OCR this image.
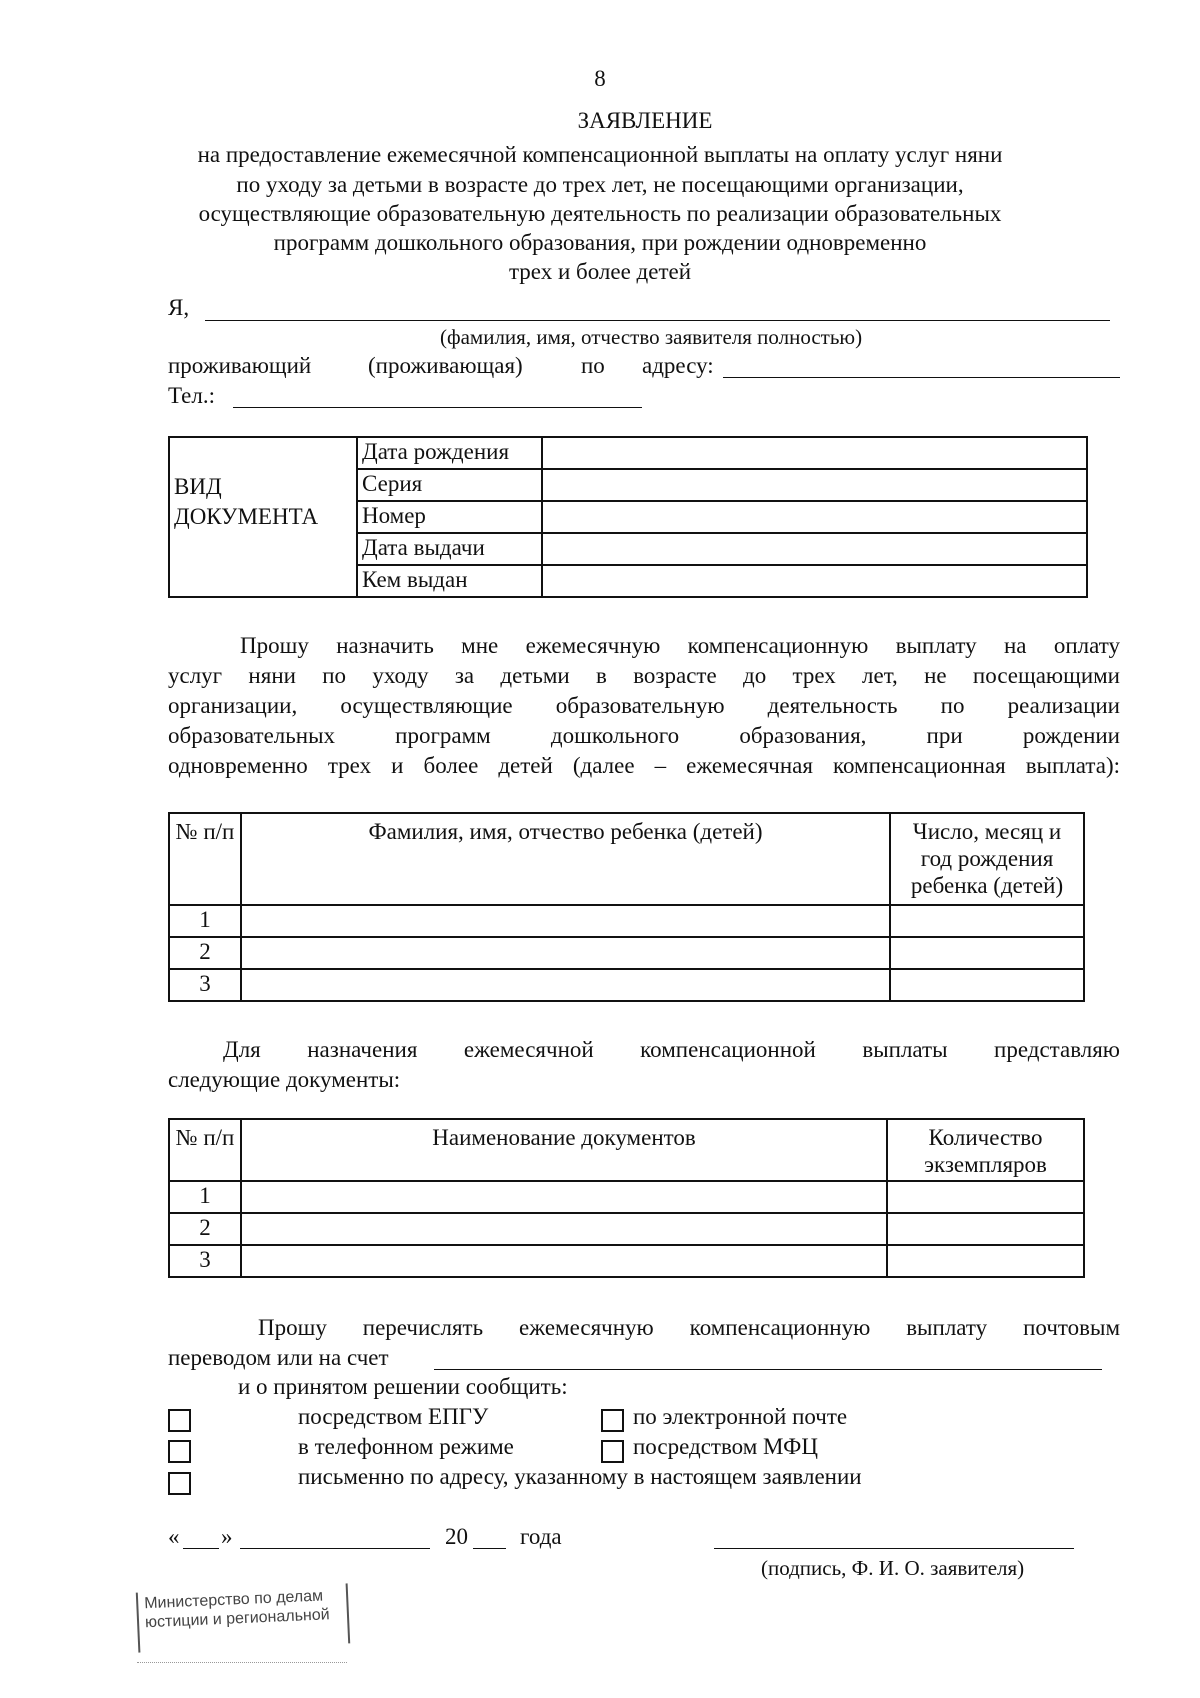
8
ЗАЯВЛЕНИЕ
на предоставление ежемесячной компенсационной выплаты на оплату услуг няни
по уходу за детьми в возрасте до трех лет, не посещающими организации,
осуществляющие образовательную деятельность по реализации образовательных
программ дошкольного образования, при рождении одновременно
трех и более детей
Я,
(фамилия, имя, отчество заявителя полностью)
проживающий (проживающая)	по адресу:
Тел.:
ВИД
ДОКУМЕНТА	Дата рождения	
	Серия	
	Номер	
	Дата выдачи	
	Кем выдан	
Прошу назначить мне ежемесячную компенсационную выплату на оплату
услуг няни по уходу за детьми в возрасте до трех лет, не посещающими
организации, осуществляющие образовательную деятельность по реализации
образовательных программ дошкольного образования, при рождении
одновременно трех и более детей (далее – ежемесячная компенсационная выплата):
№ п/п	Фамилия, имя, отчество ребенка (детей)	Число, месяц и год рождения ребенка (детей)
1		
2		
3		
Для назначения ежемесячной компенсационной выплаты представляю
следующие документы:
№ п/п	Наименование документов	Количество экземпляров
1		
2		
3		
Прошу перечислять ежемесячную компенсационную выплату почтовым
переводом или на счет
и о принятом решении сообщить:
посредством ЕПГУ	по электронной почте
в телефонном режиме	посредством МФЦ
письменно по адресу, указанному в настоящем заявлении
« »	20 года
(подпись, Ф. И. О. заявителя)
Министерство по делам
юстиции и региональной
